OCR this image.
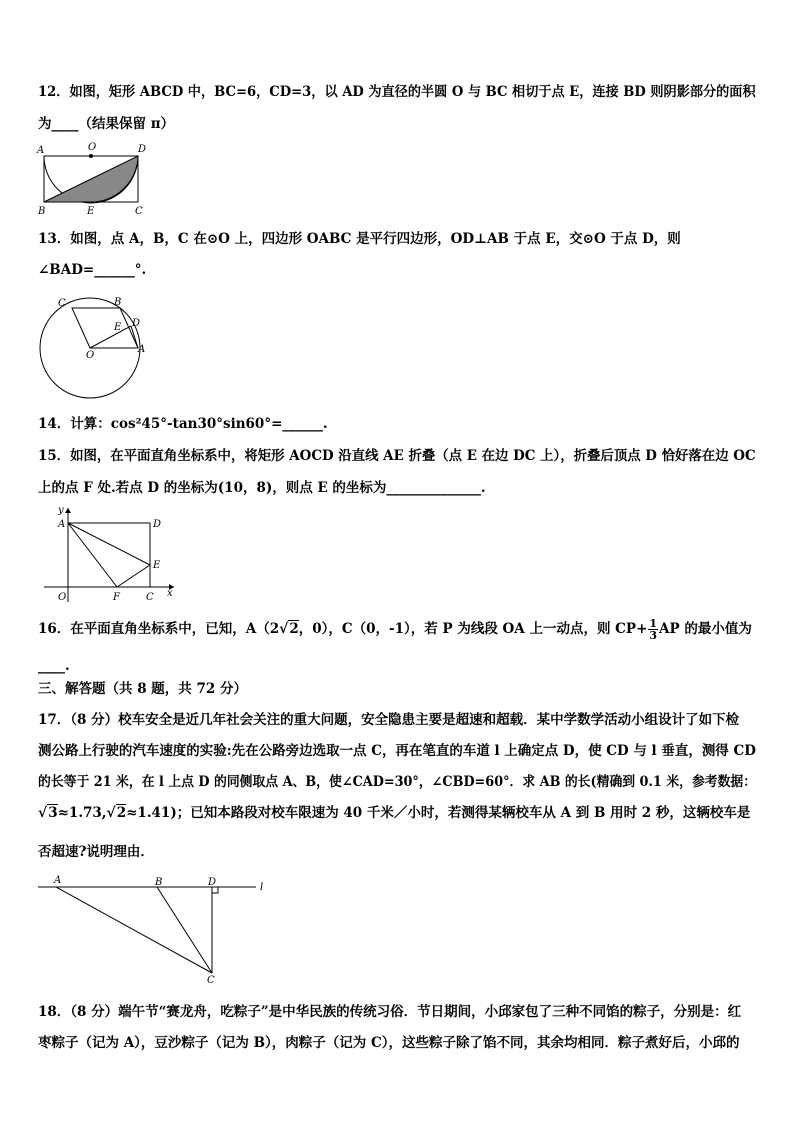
12．如图，矩形 ABCD 中，BC=6，CD=3，以 AD 为直径的半圆 O 与 BC 相切于点 E，连接 BD 则阴影部分的面积
为____（结果保留 π）
A	O	D
B	E	C
13．如图，点 A，B，C 在⊙O 上，四边形 OABC 是平行四边形，OD⊥AB 于点 E，交⊙O 于点 D，则
∠BAD=______°.
C	B
E D
O
A
14．计算：cos²45°-tan30°sin60°=______.
15．如图，在平面直角坐标系中，将矩形 AOCD 沿直线 AE 折叠（点 E 在边 DC 上），折叠后顶点 D 恰好落在边 OC
上的点 F 处.若点 D 的坐标为(10，8)，则点 E 的坐标为______________.
y
A	D
E
O	F	C x
16．在平面直角坐标系中，已知，A（2√2，0），C（0，-1），若 P 为线段 OA 上一动点，则 $CP+ \frac{1}{3}$ AP 的最小值为
____.
三、解答题（共 8 题，共 72 分）
17．（8 分）校车安全是近几年社会关注的重大问题，安全隐患主要是超速和超载．某中学数学活动小组设计了如下检
测公路上行驶的汽车速度的实验:先在公路旁边选取一点 C，再在笔直的车道 l 上确定点 D，使 CD 与 l 垂直，测得 CD
的长等于 21 米，在 l 上点 D 的同侧取点 A、B，使∠CAD=30°，∠CBD=60°．求 AB 的长(精确到 0.1 米，参考数据：
√3≈1.73,√2≈1.41)；已知本路段对校车限速为 40 千米／小时，若测得某辆校车从 A 到 B 用时 2 秒，这辆校车是
否超速?说明理由．
A	B	D	l
C
18．（8 分）端午节“赛龙舟，吃粽子”是中华民族的传统习俗．节日期间，小邱家包了三种不同馅的粽子，分别是：红
枣粽子（记为 A），豆沙粽子（记为 B），肉粽子（记为 C），这些粽子除了馅不同，其余均相同．粽子煮好后，小邱的
